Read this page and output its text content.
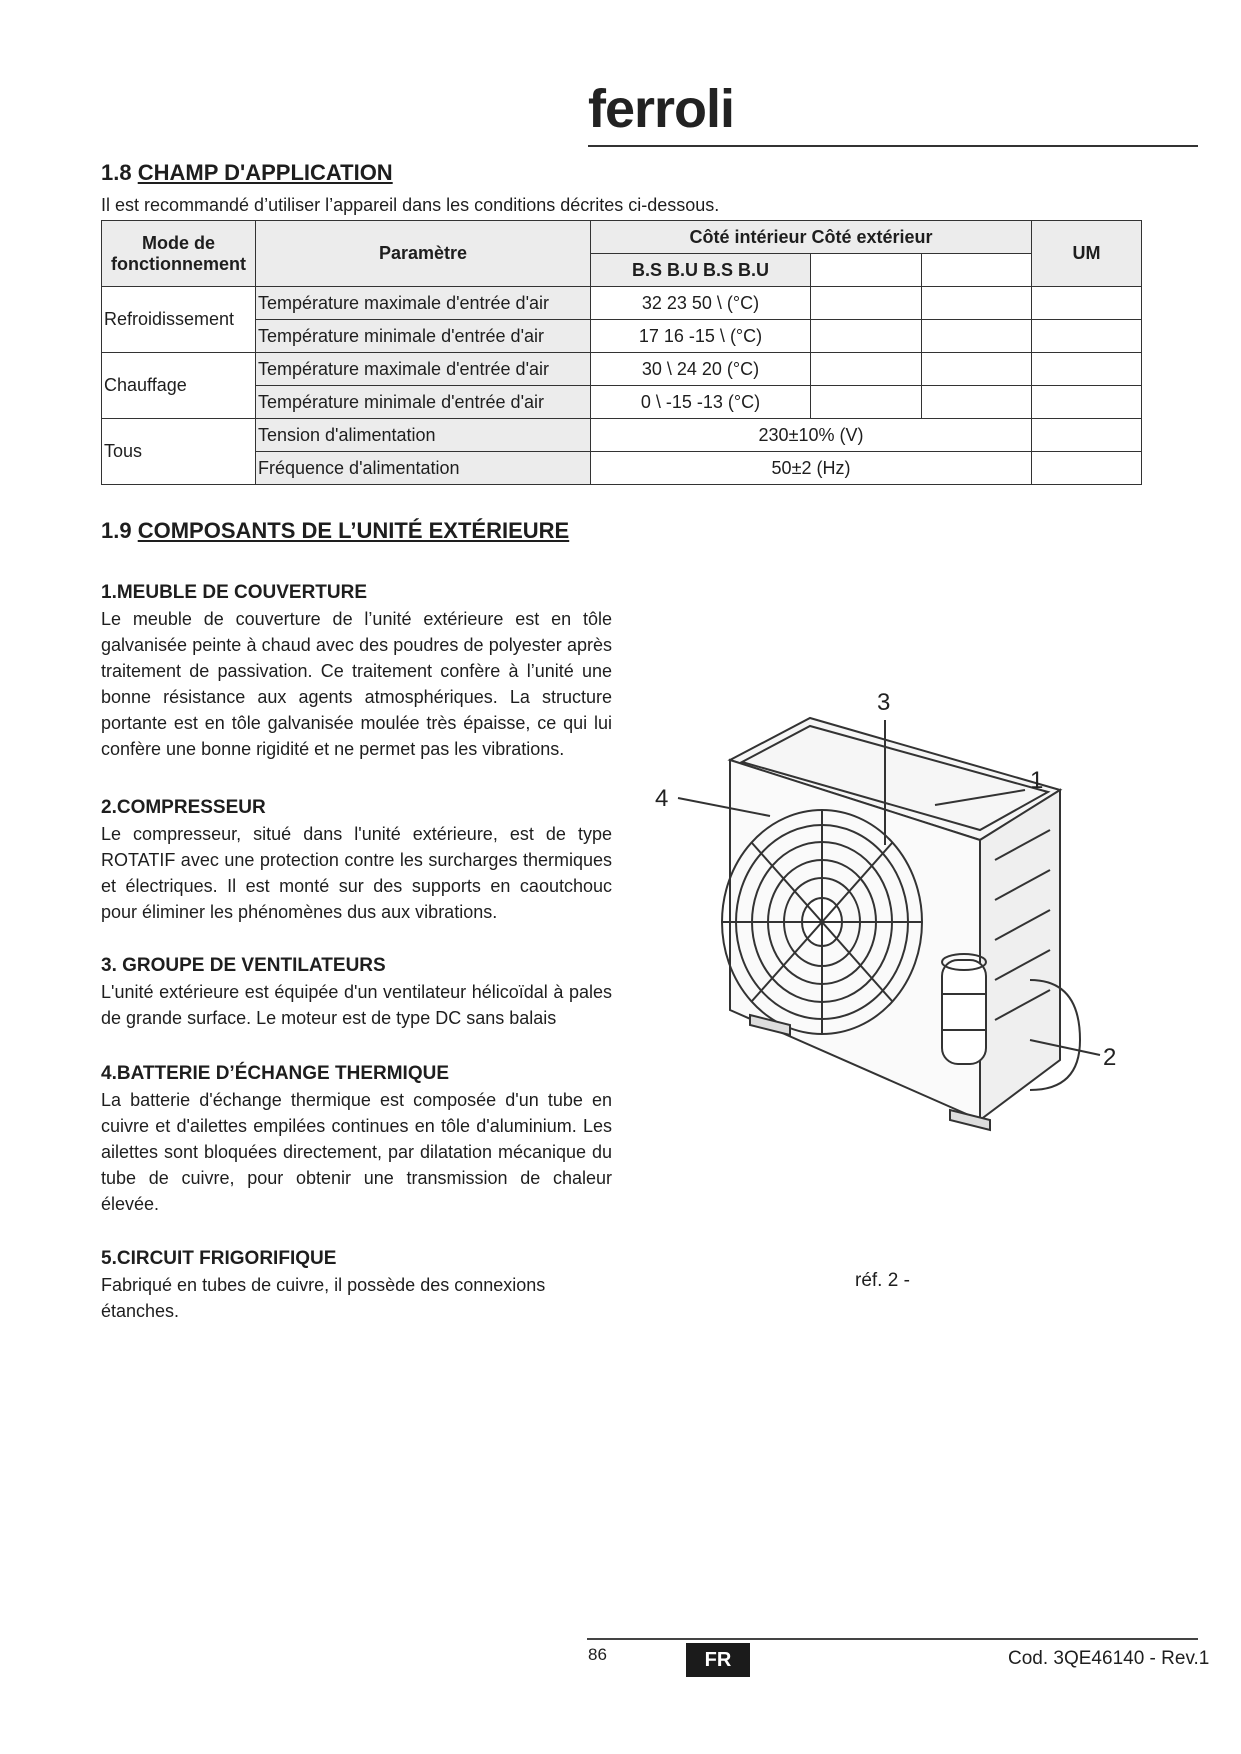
ferroli
1.8 CHAMP D'APPLICATION
Il est recommandé d’utiliser l’appareil dans les conditions décrites ci-dessous.
Mode de fonctionnement	Paramètre	Côté intérieur Côté extérieur			UM
		B.S B.U B.S B.U			
Refroidissement	Température maximale d'entrée d'air	32 23 50 \ (°C)			
	Température minimale d'entrée d'air	17 16 -15 \ (°C)			
Chauffage	Température maximale d'entrée d'air	30 \ 24 20 (°C)			
	Température minimale d'entrée d'air	0 \ -15 -13 (°C)			
Tous	Tension d'alimentation	230±10% (V)			
	Fréquence d'alimentation	50±2 (Hz)			
1.9 COMPOSANTS DE L’UNITÉ EXTÉRIEURE
1.MEUBLE DE COUVERTURE
Le meuble de couverture de l’unité extérieure est en tôle galvanisée peinte à chaud avec des poudres de polyester après traitement de passivation. Ce traitement confère à l’unité une bonne résistance aux agents atmosphériques. La structure portante est en tôle galvanisée moulée très épaisse, ce qui lui confère une bonne rigidité et ne permet pas les vibrations.
2.COMPRESSEUR
Le compresseur, situé dans l'unité extérieure, est de type ROTATIF avec une protection contre les surcharges thermiques et électriques. Il est monté sur des supports en caoutchouc pour éliminer les phénomènes dus aux vibrations.
3. GROUPE DE VENTILATEURS
L'unité extérieure est équipée d'un ventilateur hélicoïdal à pales de grande surface. Le moteur est de type DC sans balais
4.BATTERIE D’ÉCHANGE THERMIQUE
La batterie d'échange thermique est composée d'un tube en cuivre et d'ailettes empilées continues en tôle d'aluminium. Les ailettes sont bloquées directement, par dilatation mécanique du tube de cuivre, pour obtenir une transmission de chaleur élevée.
5.CIRCUIT FRIGORIFIQUE
Fabriqué en tubes de cuivre, il possède des connexions étanches.
1
2
3
4
réf. 2 -
86	FR	Cod. 3QE46140 - Rev.1
